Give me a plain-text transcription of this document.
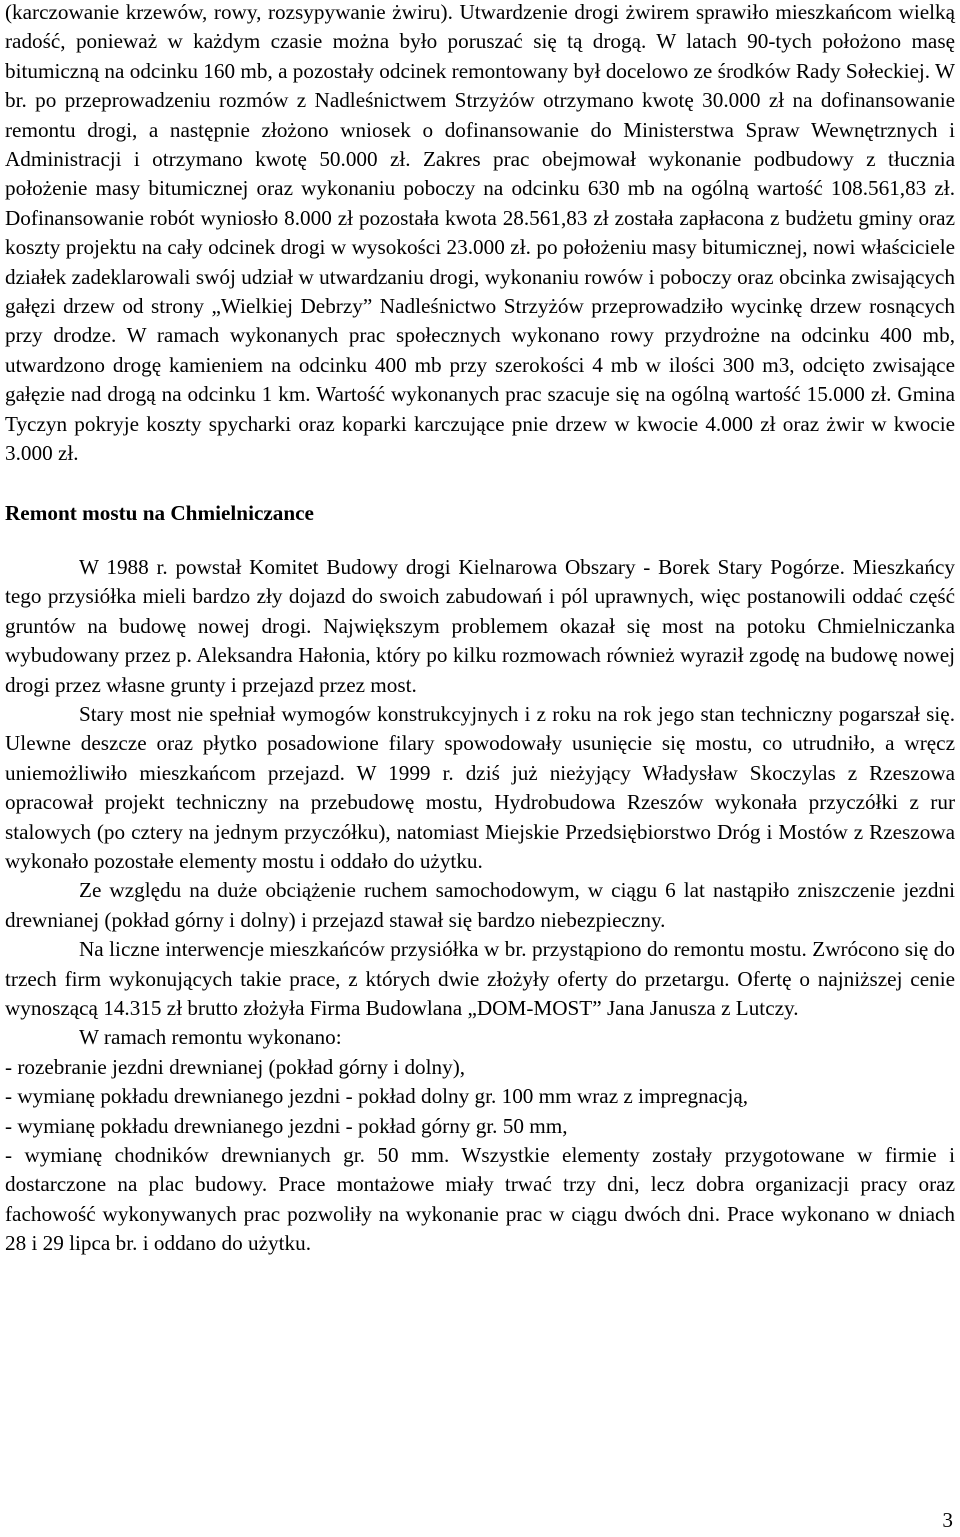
(karczowanie krzewów, rowy, rozsypywanie żwiru). Utwardzenie drogi żwirem sprawiło mieszkańcom wielką radość, ponieważ w każdym czasie można było poruszać się tą drogą. W latach 90-tych położono masę bitumiczną na odcinku 160 mb, a pozostały odcinek remontowany był docelowo ze środków Rady Sołeckiej. W br. po przeprowadzeniu rozmów z Nadleśnictwem Strzyżów otrzymano kwotę 30.000 zł na dofinansowanie remontu drogi, a następnie złożono wniosek o dofinansowanie do Ministerstwa Spraw Wewnętrznych i Administracji i otrzymano kwotę 50.000 zł. Zakres prac obejmował wykonanie podbudowy z tłucznia położenie masy bitumicznej oraz wykonaniu poboczy na odcinku 630 mb na ogólną wartość 108.561,83 zł. Dofinansowanie robót wyniosło 8.000 zł pozostała kwota 28.561,83 zł została zapłacona z budżetu gminy oraz koszty projektu na cały odcinek drogi w wysokości 23.000 zł. po położeniu masy bitumicznej, nowi właściciele działek zadeklarowali swój udział w utwardzaniu drogi, wykonaniu rowów i poboczy oraz obcinka zwisających gałęzi drzew od strony „Wielkiej Debrzy” Nadleśnictwo Strzyżów przeprowadziło wycinkę drzew rosnących przy drodze. W ramach wykonanych prac społecznych wykonano rowy przydrożne na odcinku 400 mb, utwardzono drogę kamieniem na odcinku 400 mb przy szerokości 4 mb w ilości 300 m3, odcięto zwisające gałęzie nad drogą na odcinku 1 km. Wartość wykonanych prac szacuje się na ogólną wartość 15.000 zł. Gmina Tyczyn pokryje koszty spycharki oraz koparki karczujące pnie drzew w kwocie 4.000 zł oraz żwir w kwocie 3.000 zł.

Remont mostu na Chmielniczance

W 1988 r. powstał Komitet Budowy drogi Kielnarowa Obszary - Borek Stary Pogórze. Mieszkańcy tego przysiółka mieli bardzo zły dojazd do swoich zabudowań i pól uprawnych, więc postanowili oddać część gruntów na budowę nowej drogi. Największym problemem okazał się most na potoku Chmielniczanka wybudowany przez p. Aleksandra Hałonia, który po kilku rozmowach również wyraził zgodę na budowę nowej drogi przez własne grunty i przejazd przez most.

Stary most nie spełniał wymogów konstrukcyjnych i z roku na rok jego stan techniczny pogarszał się. Ulewne deszcze oraz płytko posadowione filary spowodowały usunięcie się mostu, co utrudniło, a wręcz uniemożliwiło mieszkańcom przejazd. W 1999 r. dziś już nieżyjący Władysław Skoczylas z Rzeszowa opracował projekt techniczny na przebudowę mostu, Hydrobudowa Rzeszów wykonała przyczółki z rur stalowych (po cztery na jednym przyczółku), natomiast Miejskie Przedsiębiorstwo Dróg i Mostów z Rzeszowa wykonało pozostałe elementy mostu i oddało do użytku.

Ze względu na duże obciążenie ruchem samochodowym, w ciągu 6 lat nastąpiło zniszczenie jezdni drewnianej (pokład górny i dolny) i przejazd stawał się bardzo niebezpieczny.

Na liczne interwencje mieszkańców przysiółka w br. przystąpiono do remontu mostu. Zwrócono się do trzech firm wykonujących takie prace, z których dwie złożyły oferty do przetargu. Ofertę o najniższej cenie wynoszącą 14.315 zł brutto złożyła Firma Budowlana „DOM-MOST” Jana Janusza z Lutczy.

W ramach remontu wykonano:

- rozebranie jezdni drewnianej (pokład górny i dolny),

- wymianę pokładu drewnianego jezdni - pokład dolny gr. 100 mm wraz z impregnacją,

- wymianę pokładu drewnianego jezdni - pokład górny gr. 50 mm,

- wymianę chodników drewnianych gr. 50 mm. Wszystkie elementy zostały przygotowane w firmie i dostarczone na plac budowy. Prace montażowe miały trwać trzy dni, lecz dobra organizacji pracy oraz fachowość wykonywanych prac pozwoliły na wykonanie prac w ciągu dwóch dni. Prace wykonano w dniach 28 i 29 lipca br. i oddano do użytku.

3
